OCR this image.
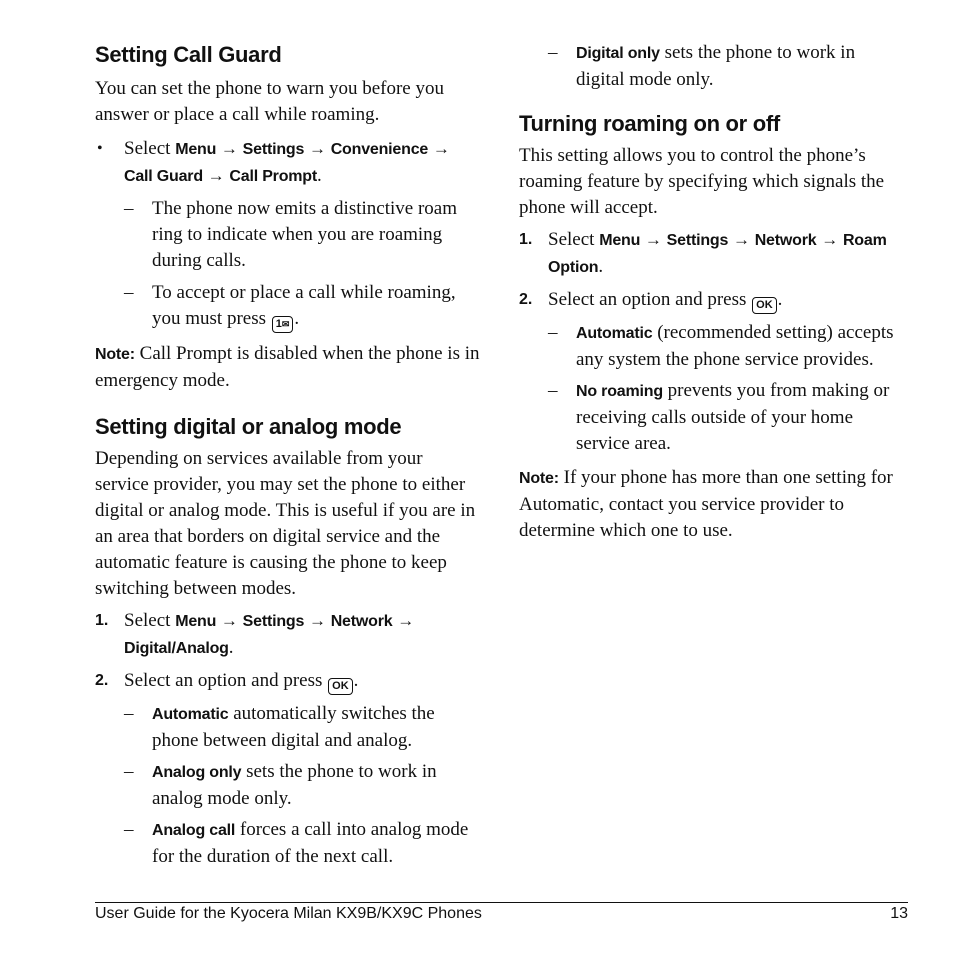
Setting Call Guard

You can set the phone to warn you before you answer or place a call while roaming.

• Select Menu → Settings → Convenience → Call Guard → Call Prompt.
– The phone now emits a distinctive roam ring to indicate when you are roaming during calls.
– To accept or place a call while roaming, you must press 1✉ .

Note: Call Prompt is disabled when the phone is in emergency mode.

Setting digital or analog mode

Depending on services available from your service provider, you may set the phone to either digital or analog mode. This is useful if you are in an area that borders on digital service and the automatic feature is causing the phone to keep switching between modes.

1. Select Menu → Settings → Network → Digital/Analog.
2. Select an option and press OK .
– Automatic automatically switches the phone between digital and analog.
– Analog only sets the phone to work in analog mode only.
– Analog call forces a call into analog mode for the duration of the next call.
– Digital only sets the phone to work in digital mode only.
Turning roaming on or off

This setting allows you to control the phone’s roaming feature by specifying which signals the phone will accept.

1. Select Menu → Settings → Network → Roam Option.
2. Select an option and press OK .
– Automatic (recommended setting) accepts any system the phone service provides.
– No roaming prevents you from making or receiving calls outside of your home service area.

Note: If your phone has more than one setting for Automatic, contact you service provider to determine which one to use.

User Guide for the Kyocera Milan KX9B/KX9C Phones	13
